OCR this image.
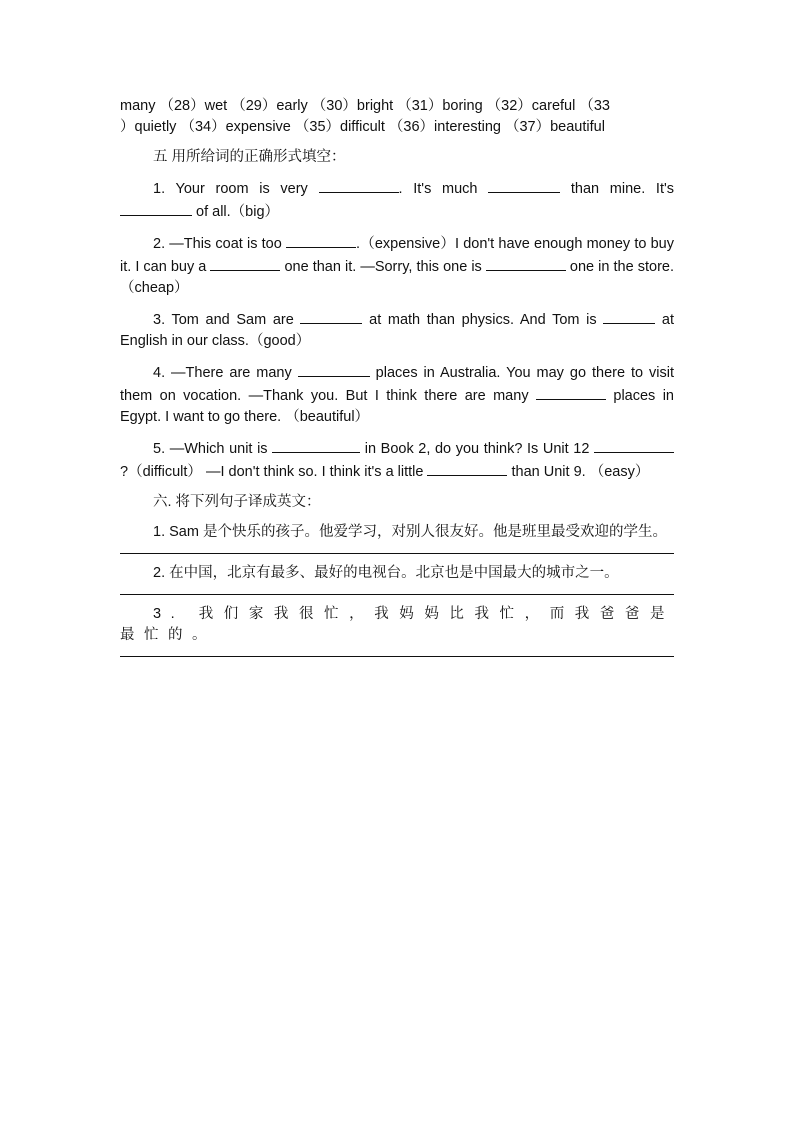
many （28）wet （29）early （30）bright （31）boring （32）careful （33
）quietly （34）expensive （35）difficult （36）interesting （37）beautiful
五 用所给词的正确形式填空：

1. Your room is very	. It's much	than mine. It's  of all.（big）

2. —This coat is too	.（expensive）I don't have enough money to buy it. I can buy a	one than it. —Sorry, this one is	one in the store.（cheap）

3. Tom and Sam are	at math than physics. And Tom is	at English in our class.（good）

4. —There are many	places in Australia. You may go there to visit them on vocation. —Thank you. But I think there are many	places in Egypt. I want to go there. （beautiful）

5. —Which unit is	in Book 2, do you think? Is Unit 12 ?（difficult） —I don't think so. I think it's a little	than Unit 9. （easy）

六. 将下列句子译成英文：

1. Sam 是个快乐的孩子。他爱学习，对别人很友好。他是班里最受欢迎的学生。

2. 在中国，北京有最多、最好的电视台。北京也是中国最大的城市之一。

3. 我们家我很忙，我妈妈比我忙，而我爸爸是最忙的。
